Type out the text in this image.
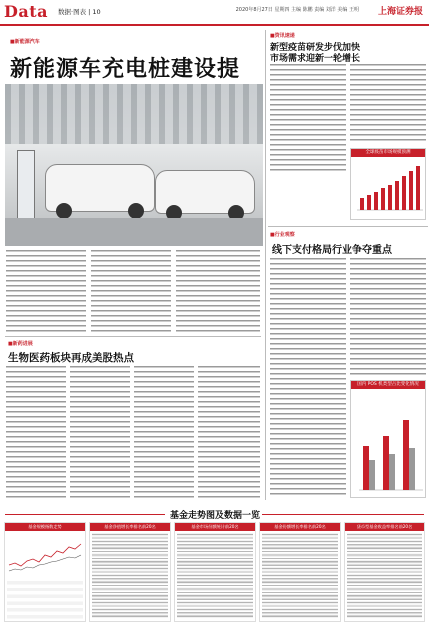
Data 数据·图表 | 10	2020年8月27日 星期四 主编 陈鹏 责编 刘洋 美编 王明 上海证券报
■新能源汽车
新能源车充电桩建设提
■资讯速递
新型疫苗研发步伐加快
市场需求迎新一轮增长
全球疫苗市场规模预测
■行业观察
线下支付格局行业争夺重点
国内 POS 机类型占比变化情况
■新药进展
生物医药板块再成美股热点
基金走势图及数据一览
基金规模指数走势	基金净值增长率排名前20名	基金市场份额统计前20名	基金份额增长率排名前20名	货币型基金收益率排名前20名
